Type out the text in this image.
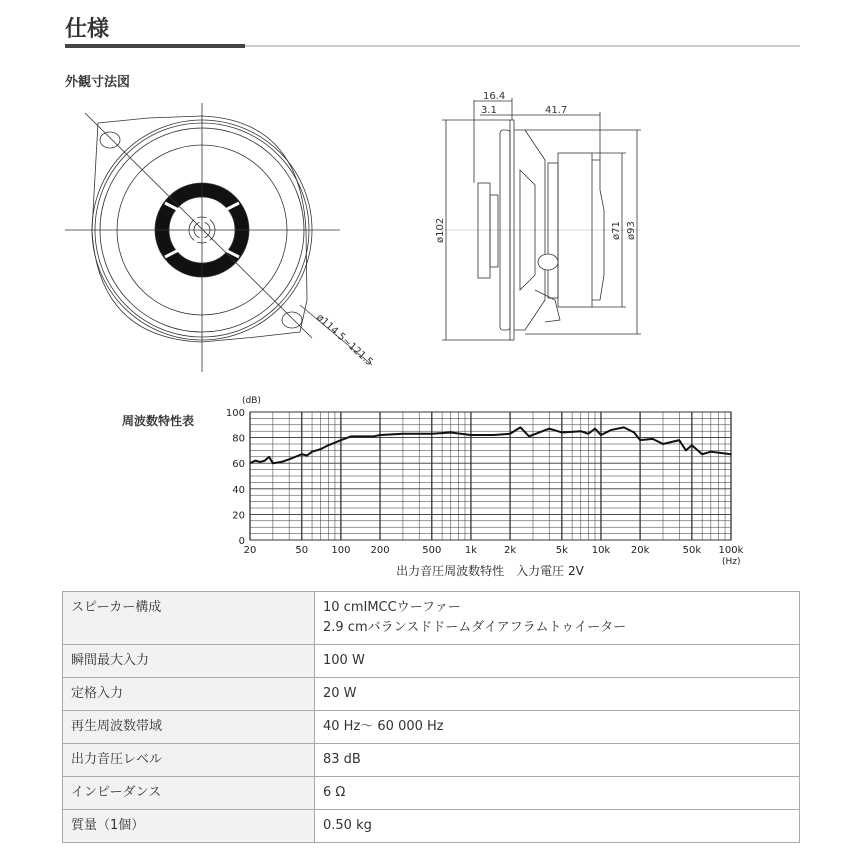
仕様
外観寸法図
ø114.5~121.5
16.4
3.1	41.7
ø102	ø71 ø93
0
20
40
60
80
100
20	50 100 200	500 1k	2k	5k 10k 20k	50k 100k
(dB)
(Hz)
出力音圧周波数特性　入力電圧 2V
周波数特性表
スピーカー構成	10 cmIMCCウーファー
2.9 cmバランスドドームダイアフラムトゥイーター

瞬間最大入力	100 W

定格入力	20 W

再生周波数帯域	40 Hz～ 60 000 Hz

出力音圧レベル	83 dB

インピーダンス	6 Ω

質量（1個）	0.50 kg
